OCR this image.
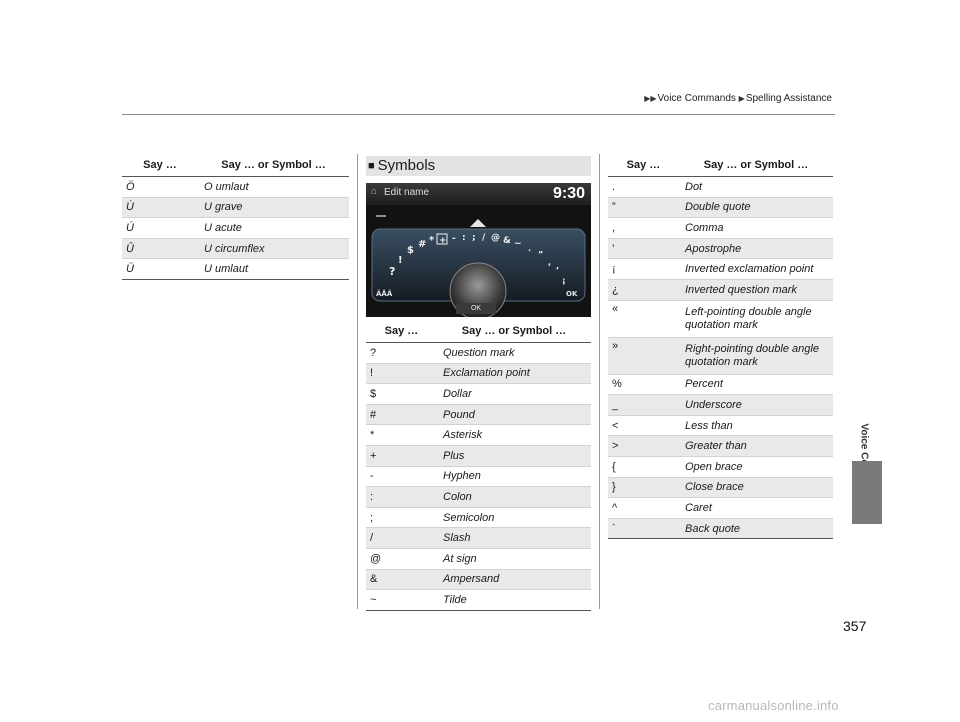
▶▶Voice Commands ▶Spelling Assistance
Say …	Say … or Symbol …
Ö	O umlaut
Ù	U grave
Ú	U acute
Û	U circumflex
Ü	U umlaut
■ Symbols
⌂ Edit name	9:30
?
!
$
# * + - : ; / @ & ~ .
”
,
’
¡
ÄÅÄ	OK
OK
Say …	Say … or Symbol …
?	Question mark
!	Exclamation point
$	Dollar
#	Pound
*	Asterisk
+	Plus
-	Hyphen
:	Colon
;	Semicolon
/	Slash
@	At sign
&	Ampersand
~	Tilde
Say …	Say … or Symbol …
.	Dot
”	Double quote
,	Comma
’	Apostrophe
¡	Inverted exclamation point
¿	Inverted question mark
«	Left-pointing double angle quotation mark
»	Right-pointing double angle quotation mark
%	Percent
_	Underscore
<	Less than
>	Greater than
{	Open brace
}	Close brace
^	Caret
`	Back quote
357
carmanualsonline.info
